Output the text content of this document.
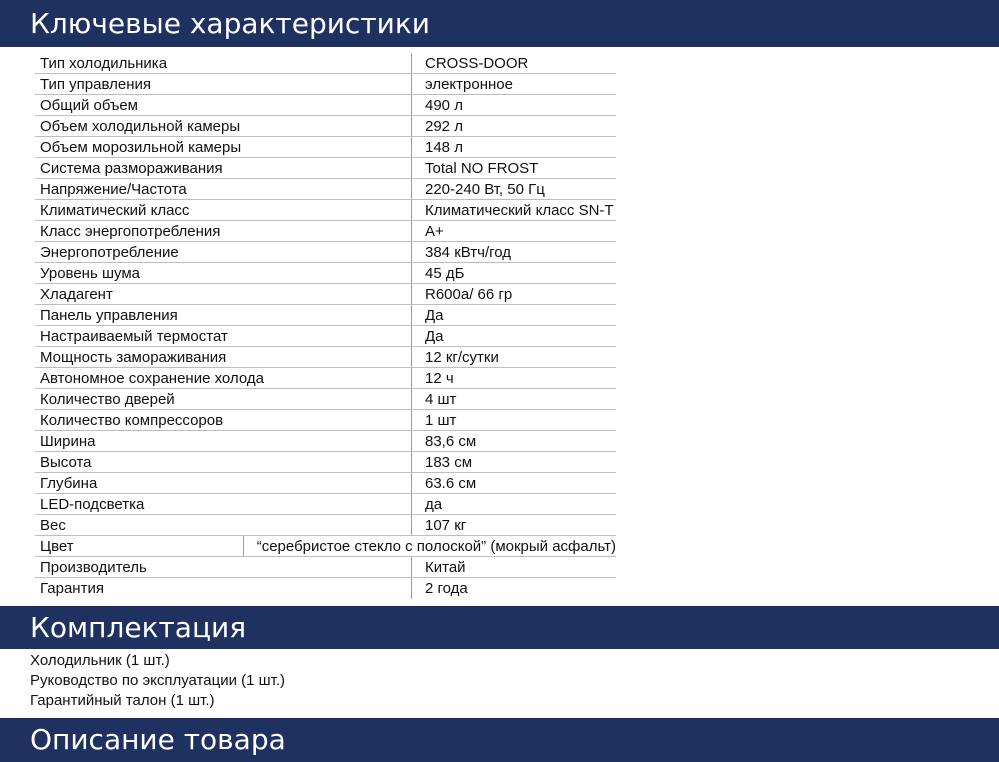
Ключевые характеристики
Тип холодильника	CROSS-DOOR
Тип управления	электронное
Общий объем	490 л
Объем холодильной камеры	292 л
Объем морозильной камеры	148 л
Система размораживания	Total NO FROST
Напряжение/Частота	220-240 Вт, 50 Гц
Климатический класс	Климатический класс SN-T
Класс энергопотребления	А+
Энергопотребление	384 кВтч/год
Уровень шума	45 дБ
Хладагент	R600a/ 66 гр
Панель управления	Да
Настраиваемый термостат	Да
Мощность замораживания	12 кг/сутки
Автономное сохранение холода	12 ч
Количество дверей	4 шт
Количество компрессоров	1 шт
Ширина	83,6 см
Высота	183 см
Глубина	63.6 см
LED-подсветка	да
Вес	107 кг
Цвет	“серебристое стекло с полоской” (мокрый асфальт)
Производитель	Китай
Гарантия	2 года
Комплектация
Холодильник (1 шт.)
Руководство по эксплуатации (1 шт.)
Гарантийный талон (1 шт.)
Описание товара
